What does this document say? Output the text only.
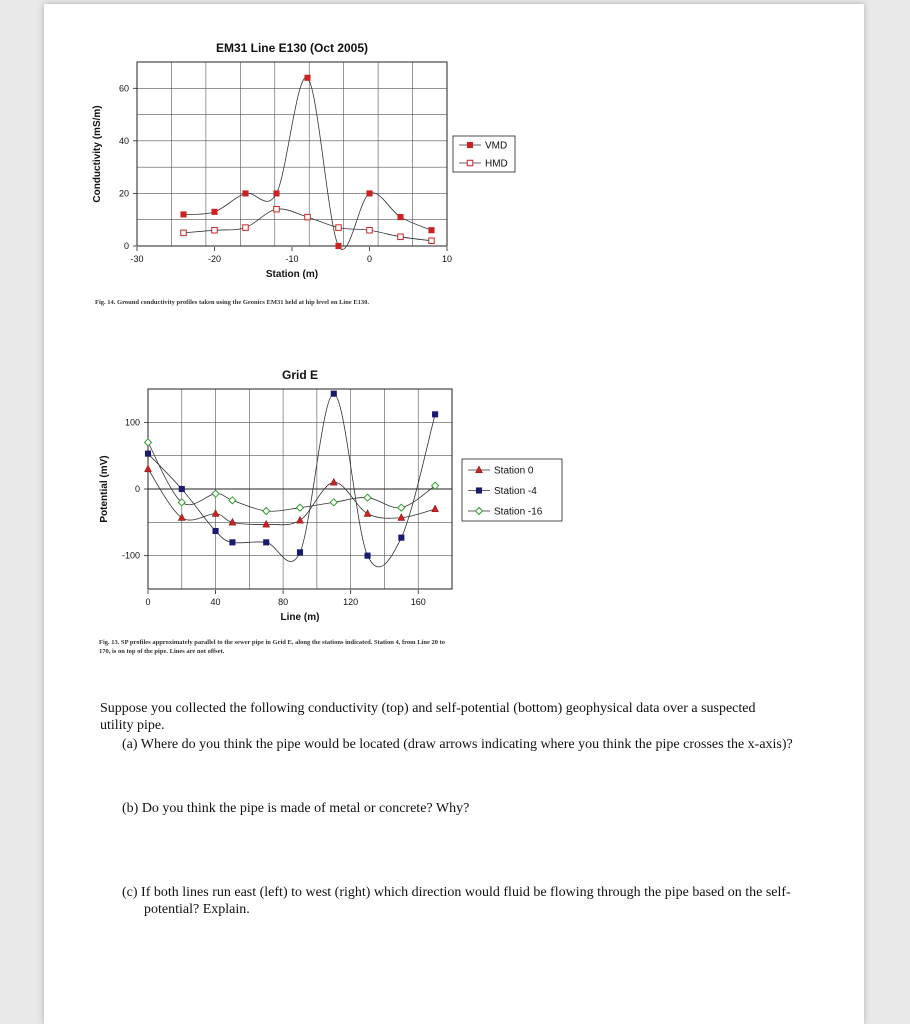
EM31 Line E130 (Oct 2005)
-30	-20	-10	0	10
0
20
40
60
Station (m)
Conductivity (mS/m)	VMD
HMD
Fig. 14. Ground conductivity profiles taken using the Geonics EM31 held at hip level on Line E130.
Grid E
0	40	80	120	160
-100
0
100
Line (m)
Potential (mV)	Station 0
Station -4
Station -16
Fig. 13. SP profiles approximately parallel to the sewer pipe in Grid E, along the stations indicated. Station 4, from Line 20 to
170, is on top of the pipe. Lines are not offset.
Suppose you collected the following conductivity (top) and self-potential (bottom) geophysical data over a suspected utility pipe.
(a) Where do you think the pipe would be located (draw arrows indicating where you think the pipe crosses the x-axis)?
(b) Do you think the pipe is made of metal or concrete? Why?
(c) If both lines run east (left) to west (right) which direction would fluid be flowing through the pipe based on the self-potential? Explain.
